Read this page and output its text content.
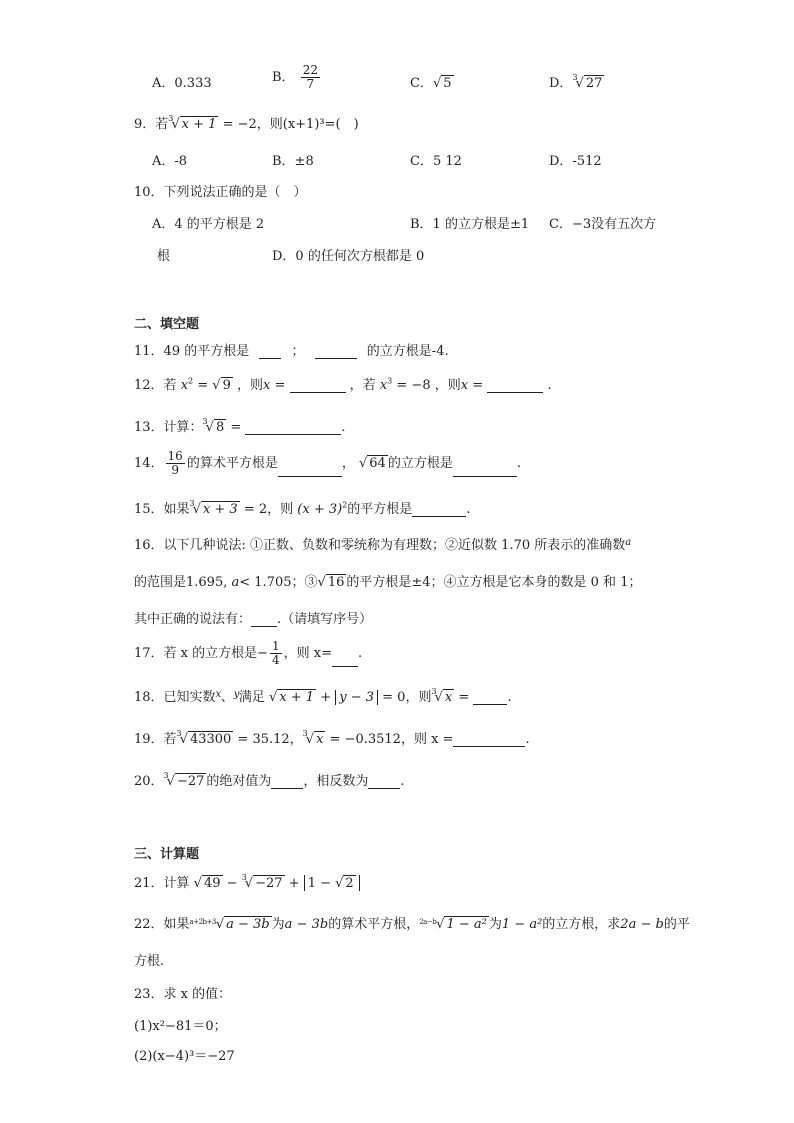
A．0.333	B． $\frac{22}{7}$	C．√ 5	D．$^3$√ 27
9．若$^3$√ x + 1 = −2，则(x+1)³=(　)
A．-8	B．±8	C．5 12	D．-512
10．下列说法正确的是（　）
A．4 的平方根是 2	B．1 的立方根是±1 C．−3没有五次方
根	D．0 的任何次方根都是 0
二、填空题
11．49 的平方根是	；	的立方根是-4.
12．若 $x^2$ = √ 9 ，则x =	，若 $x^3 = -8$ ，则x =	.
13．计算：$^3$√ 8 =	.
14． $\frac{16}{9}$ 的算术平方根是	， √ 64 的立方根是	.
15．如果$^3$√ x + 3 = 2，则 $(x + 3)^2$的平方根是	.
16．以下几种说法: ①正数、负数和零统称为有理数；②近似数 1.70 所表示的准确数$^a$
的范围是1.695, a< 1.705；③√ 16 的平方根是±4；④立方根是它本身的数是 0 和 1；
其中正确的说法有： .（请填写序号）
17．若 x 的立方根是− $\frac{1}{4}$ ，则 x= .
18．已知实数$^x$、$^y$满足 √ x + 1 + y − 3 = 0，则$^3$√ x =	.
19．若$^3$√ 43300 = 35.12，$^3$√ x = −0.3512，则 x =	.
20．$^3$√ −27 的绝对值为 ，相反数为 .
三、计算题
21．计算 √ 49 − $^3$√ −27 + 1 − √ 2
22．如果$^{a+2b+3}$√ a − 3b 为a − 3b的算术平方根，$^{2a-b}$√ 1 − a² 为1 − a²的立方根，求2a − b的平
方根.
23．求 x 的值：
(1)x²−81＝0；
(2)(x−4)³＝−27
